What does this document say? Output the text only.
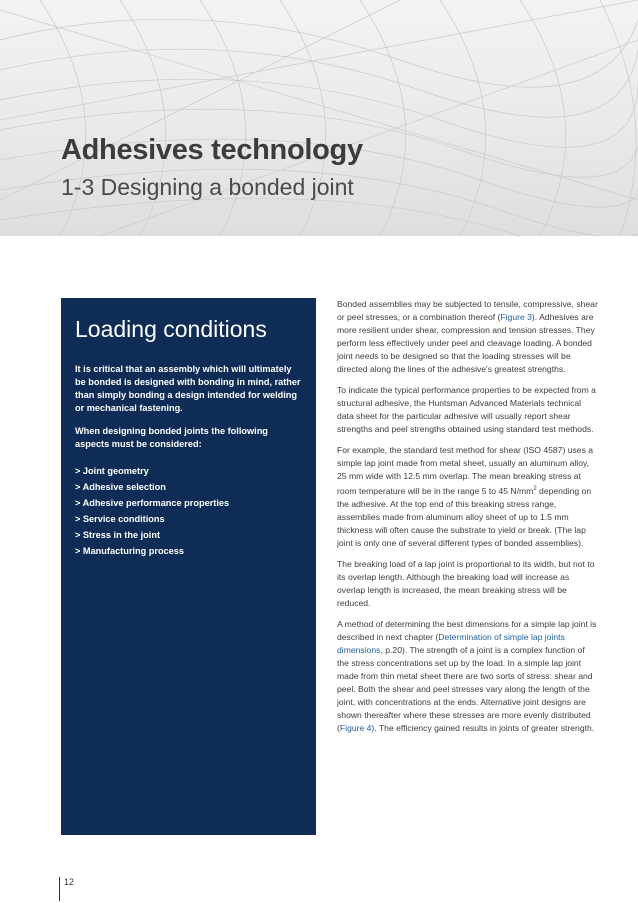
Adhesives technology
1-3 Designing a bonded joint
Loading conditions

It is critical that an assembly which will ultimately be bonded is designed with bonding in mind, rather than simply bonding a design intended for welding or mechanical fastening.

When designing bonded joints the following aspects must be considered:

> Joint geometry
> Adhesive selection
> Adhesive performance properties
> Service conditions
> Stress in the joint
> Manufacturing process

Bonded assemblies may be subjected to tensile, compressive, shear or peel stresses, or a combination thereof (Figure 3). Adhesives are more resilient under shear, compression and tension stresses. They perform less effectively under peel and cleavage loading. A bonded joint needs to be designed so that the loading stresses will be directed along the lines of the adhesive's greatest strengths.

To indicate the typical performance properties to be expected from a structural adhesive, the Huntsman Advanced Materials technical data sheet for the particular adhesive will usually report shear strengths and peel strengths obtained using standard test methods.

For example, the standard test method for shear (ISO 4587) uses a simple lap joint made from metal sheet, usually an aluminum alloy, 25 mm wide with 12.5 mm overlap. The mean breaking stress at room temperature will be in the range 5 to 45 $N/mm^2$ depending on the adhesive. At the top end of this breaking stress range, assemblies made from aluminum alloy sheet of up to 1.5 mm thickness will often cause the substrate to yield or break. (The lap joint is only one of several different types of bonded assemblies).

The breaking load of a lap joint is proportional to its width, but not to its overlap length. Although the breaking load will increase as overlap length is increased, the mean breaking stress will be reduced.

A method of determining the best dimensions for a simple lap joint is described in next chapter (Determination of simple lap joints dimensions, p.20). The strength of a joint is a complex function of the stress concentrations set up by the load. In a simple lap joint made from thin metal sheet there are two sorts of stress: shear and peel. Both the shear and peel stresses vary along the length of the joint, with concentrations at the ends. Alternative joint designs are shown thereafter where these stresses are more evenly distributed (Figure 4). The efficiency gained results in joints of greater strength.

12
